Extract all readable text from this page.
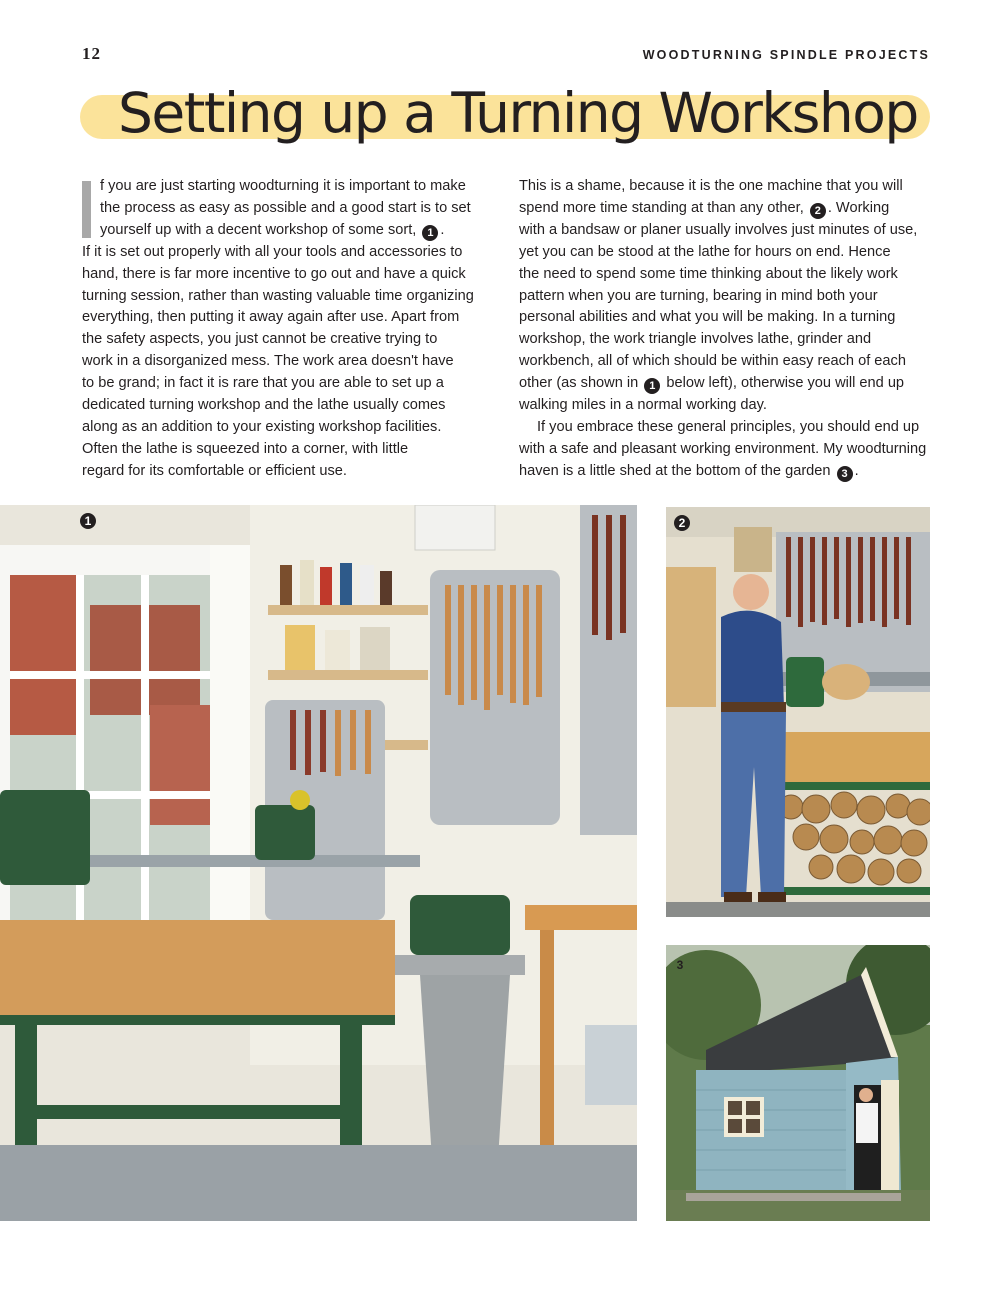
12	WOODTURNING SPINDLE PROJECTS
Setting up a Turning Workshop
f you are just starting woodturning it is important to make
the process as easy as possible and a good start is to set
yourself up with a decent workshop of some sort, 1 .
If it is set out properly with all your tools and accessories to
hand, there is far more incentive to go out and have a quick
turning session, rather than wasting valuable time organizing
everything, then putting it away again after use. Apart from
the safety aspects, you just cannot be creative trying to
work in a disorganized mess. The work area doesn't have
to be grand; in fact it is rare that you are able to set up a
dedicated turning workshop and the lathe usually comes
along as an addition to your existing workshop facilities.
Often the lathe is squeezed into a corner, with little
regard for its comfortable or efficient use.
This is a shame, because it is the one machine that you will
spend more time standing at than any other, 2 . Working
with a bandsaw or planer usually involves just minutes of use,
yet you can be stood at the lathe for hours on end. Hence
the need to spend some time thinking about the likely work
pattern when you are turning, bearing in mind both your
personal abilities and what you will be making. In a turning
workshop, the work triangle involves lathe, grinder and
workbench, all of which should be within easy reach of each
other (as shown in 1 below left), otherwise you will end up
walking miles in a normal working day.
If you embrace these general principles, you should end up
with a safe and pleasant working environment. My woodturning
haven is a little shed at the bottom of the garden 3 .
1	2
3
